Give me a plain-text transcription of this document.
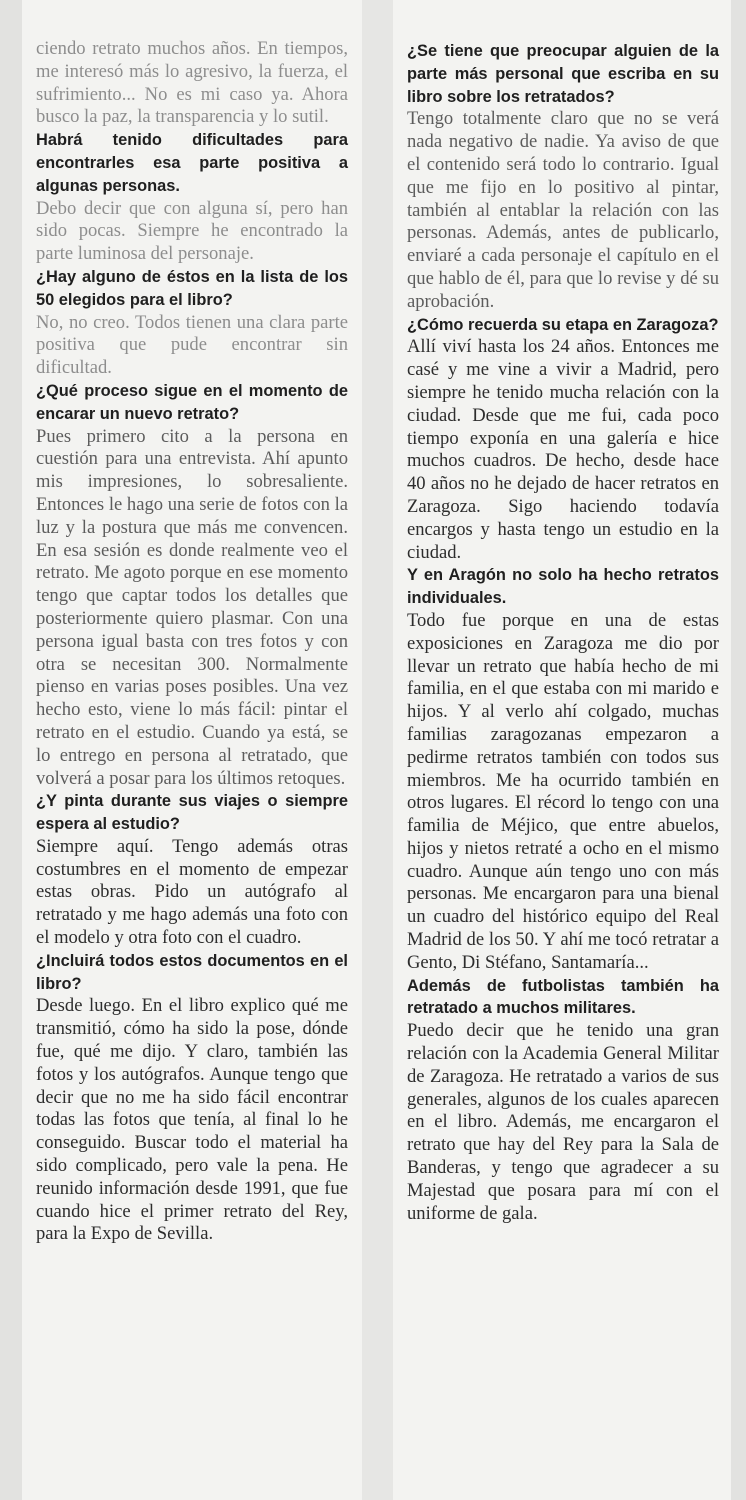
ciendo retrato muchos años. En tiempos, me interesó más lo agresivo, la fuerza, el sufrimiento... No es mi caso ya. Ahora busco la paz, la transparencia y lo sutil.

Habrá tenido dificultades para encontrarles esa parte positiva a algunas personas.

Debo decir que con alguna sí, pero han sido pocas. Siempre he encontrado la parte luminosa del personaje.

¿Hay alguno de éstos en la lista de los 50 elegidos para el libro?

No, no creo. Todos tienen una clara parte positiva que pude encontrar sin dificultad.

¿Qué proceso sigue en el momento de encarar un nuevo retrato?

Pues primero cito a la persona en cuestión para una entrevista. Ahí apunto mis impresiones, lo sobresaliente. Entonces le hago una serie de fotos con la luz y la postura que más me convencen. En esa sesión es donde realmente veo el retrato. Me agoto porque en ese momento tengo que captar todos los detalles que posteriormente quiero plasmar. Con una persona igual basta con tres fotos y con otra se necesitan 300. Normalmente pienso en varias poses posibles. Una vez hecho esto, viene lo más fácil: pintar el retrato en el estudio. Cuando ya está, se lo entrego en persona al retratado, que volverá a posar para los últimos retoques.

¿Y pinta durante sus viajes o siempre espera al estudio?

Siempre aquí. Tengo además otras costumbres en el momento de empezar estas obras. Pido un autógrafo al retratado y me hago además una foto con el modelo y otra foto con el cuadro.

¿Incluirá todos estos documentos en el libro?

Desde luego. En el libro explico qué me transmitió, cómo ha sido la pose, dónde fue, qué me dijo. Y claro, también las fotos y los autógrafos. Aunque tengo que decir que no me ha sido fácil encontrar todas las fotos que tenía, al final lo he conseguido. Buscar todo el material ha sido complicado, pero vale la pena. He reunido información desde 1991, que fue cuando hice el primer retrato del Rey, para la Expo de Sevilla.

¿Se tiene que preocupar alguien de la parte más personal que escriba en su libro sobre los retratados?

Tengo totalmente claro que no se verá nada negativo de nadie. Ya aviso de que el contenido será todo lo contrario. Igual que me fijo en lo positivo al pintar, también al entablar la relación con las personas. Además, antes de publicarlo, enviaré a cada personaje el capítulo en el que hablo de él, para que lo revise y dé su aprobación.

¿Cómo recuerda su etapa en Zaragoza?

Allí viví hasta los 24 años. Entonces me casé y me vine a vivir a Madrid, pero siempre he tenido mucha relación con la ciudad. Desde que me fui, cada poco tiempo exponía en una galería e hice muchos cuadros. De hecho, desde hace 40 años no he dejado de hacer retratos en Zaragoza. Sigo haciendo todavía encargos y hasta tengo un estudio en la ciudad.

Y en Aragón no solo ha hecho retratos individuales.

Todo fue porque en una de estas exposiciones en Zaragoza me dio por llevar un retrato que había hecho de mi familia, en el que estaba con mi marido e hijos. Y al verlo ahí colgado, muchas familias zaragozanas empezaron a pedirme retratos también con todos sus miembros. Me ha ocurrido también en otros lugares. El récord lo tengo con una familia de Méjico, que entre abuelos, hijos y nietos retraté a ocho en el mismo cuadro. Aunque aún tengo uno con más personas. Me encargaron para una bienal un cuadro del histórico equipo del Real Madrid de los 50. Y ahí me tocó retratar a Gento, Di Stéfano, Santamaría...

Además de futbolistas también ha retratado a muchos militares.

Puedo decir que he tenido una gran relación con la Academia General Militar de Zaragoza. He retratado a varios de sus generales, algunos de los cuales aparecen en el libro. Además, me encargaron el retrato que hay del Rey para la Sala de Banderas, y tengo que agradecer a su Majestad que posara para mí con el uniforme de gala.
